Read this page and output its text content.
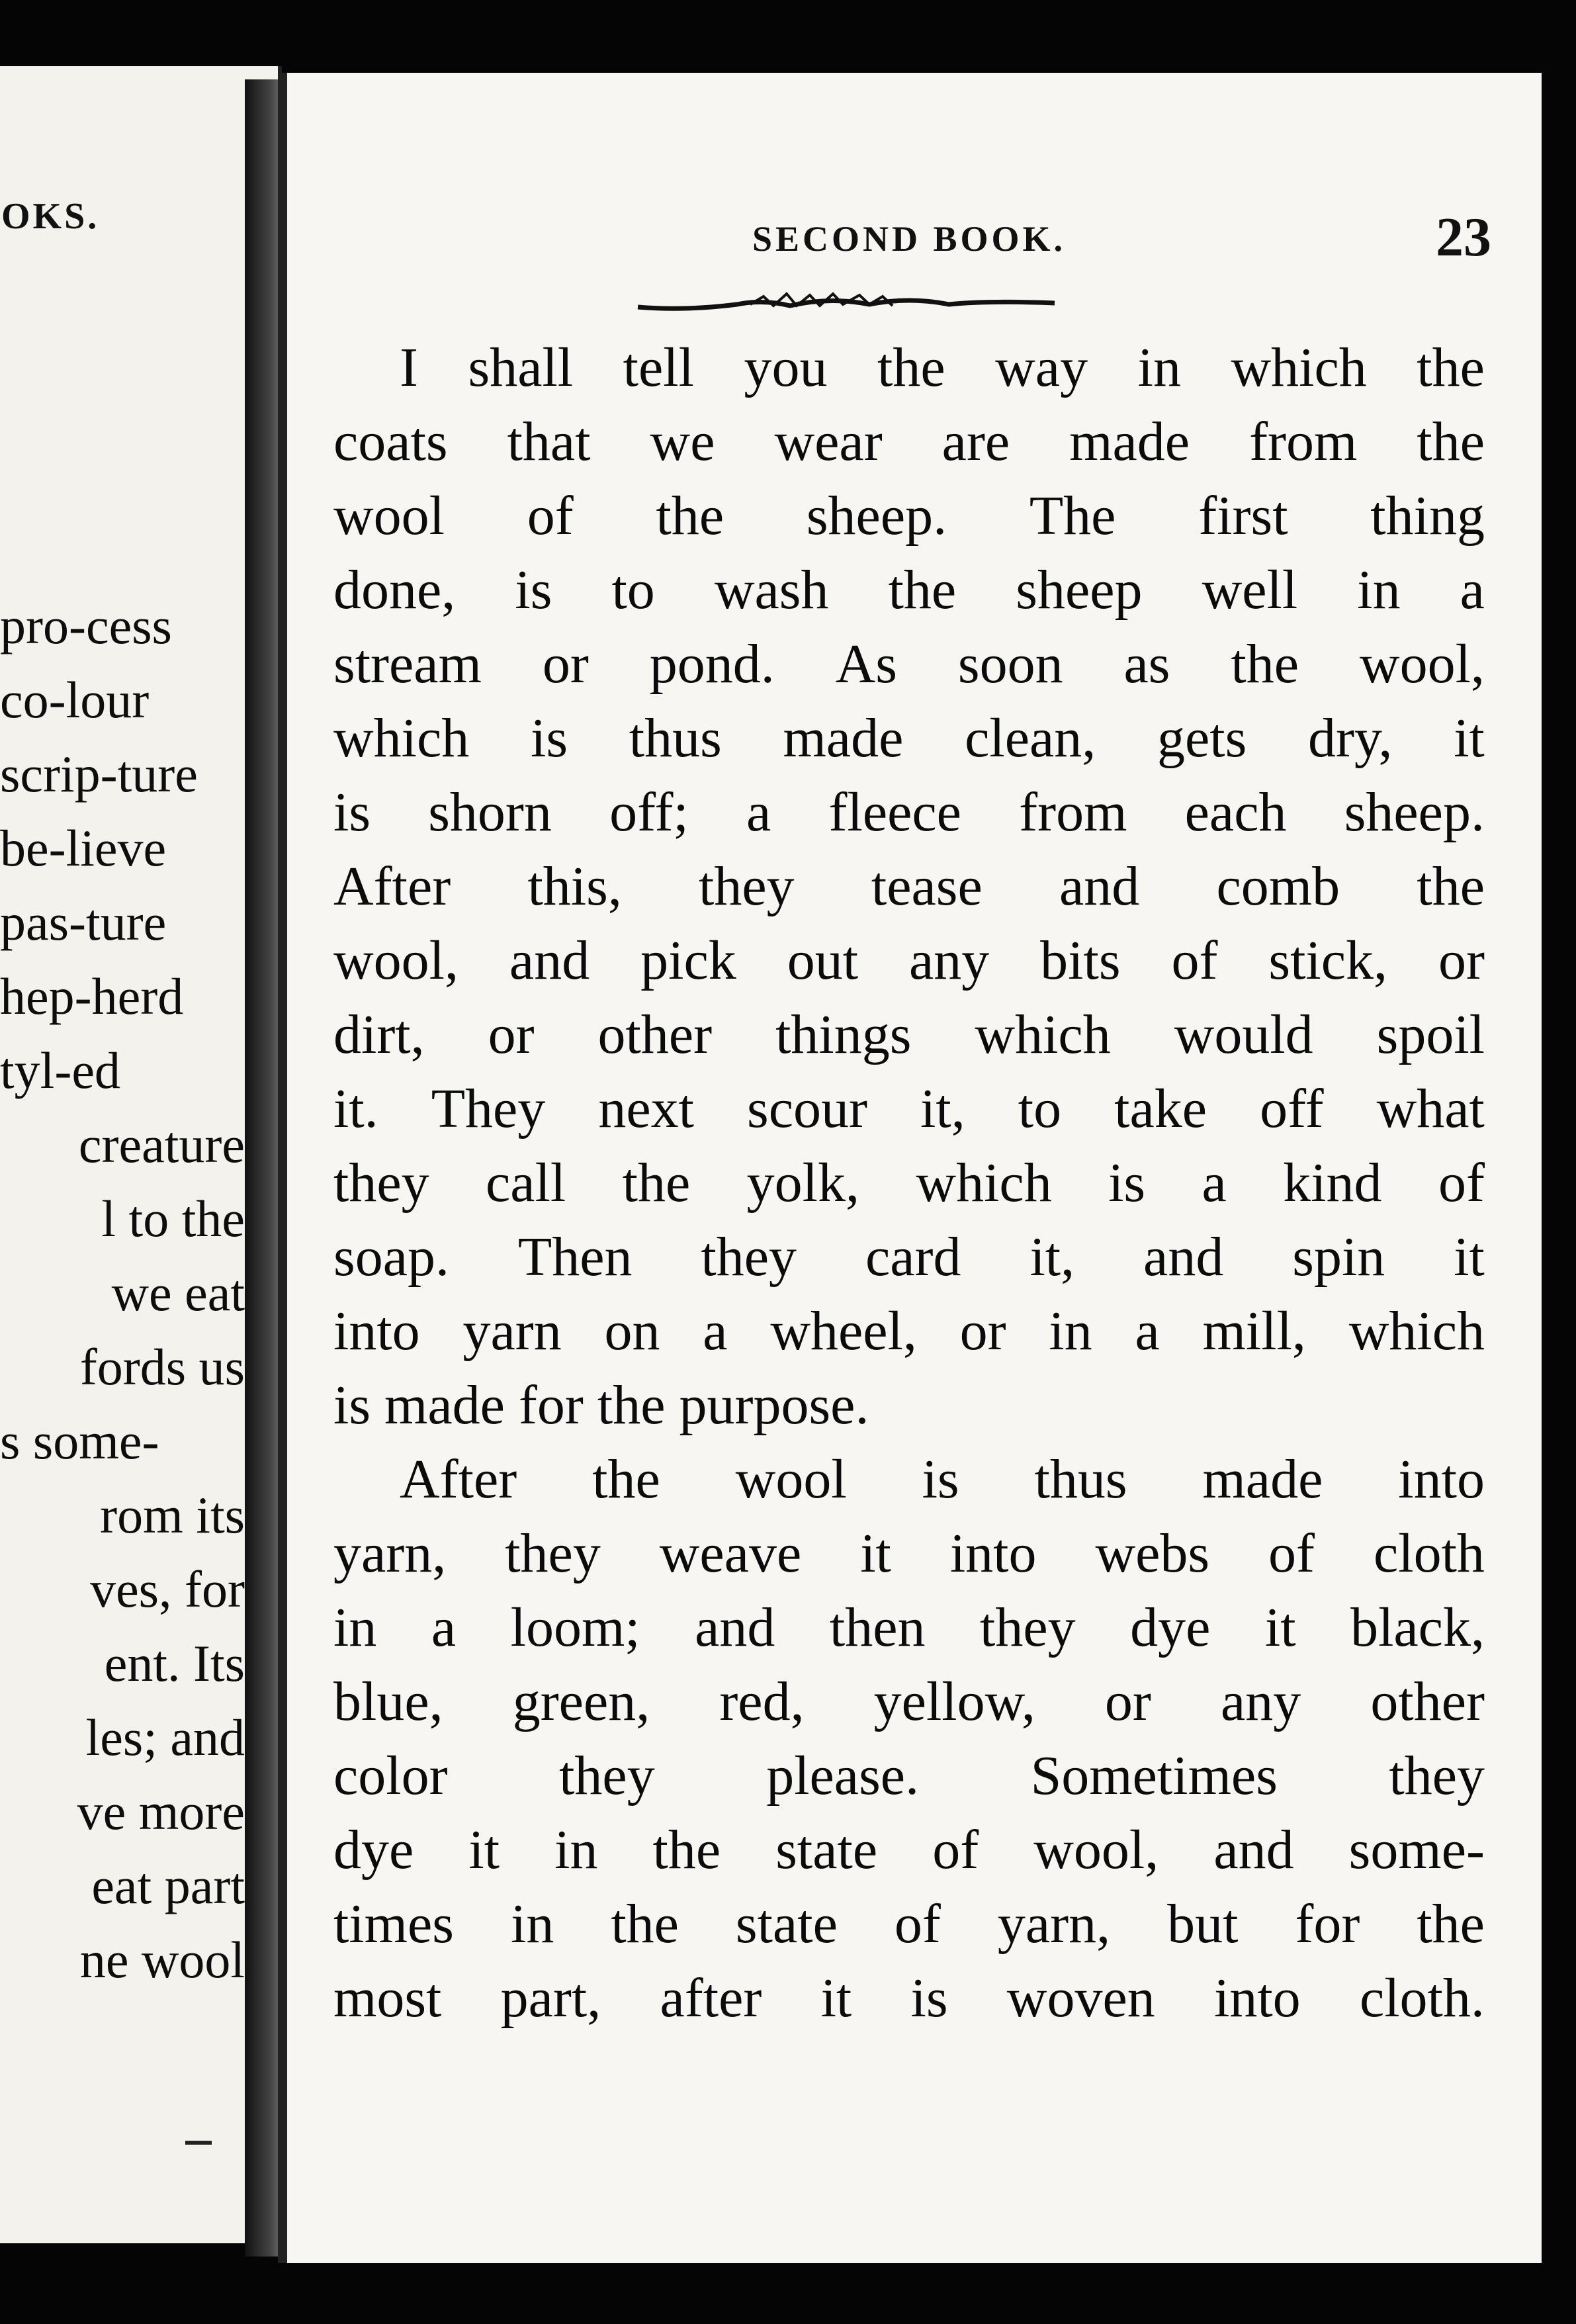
OKS.
pro-cess
co-lour
scrip-ture
be-lieve
pas-ture
hep-herd
tyl-ed
creature
l to the
we eat
fords us
s some-
rom its
ves, for
ent. Its
les; and
ve more
eat part
ne wool
SECOND BOOK.	23
I shall tell you the way in which the
coats that we wear are made from the
wool of the sheep. The first thing
done, is to wash the sheep well in a
stream or pond. As soon as the wool,
which is thus made clean, gets dry, it
is shorn off; a fleece from each sheep.
After this, they tease and comb the
wool, and pick out any bits of stick, or
dirt, or other things which would spoil
it. They next scour it, to take off what
they call the yolk, which is a kind of
soap. Then they card it, and spin it
into yarn on a wheel, or in a mill, which
is made for the purpose.
After the wool is thus made into
yarn, they weave it into webs of cloth
in a loom; and then they dye it black,
blue, green, red, yellow, or any other
color they please. Sometimes they
dye it in the state of wool, and some-
times in the state of yarn, but for the
most part, after it is woven into cloth.
